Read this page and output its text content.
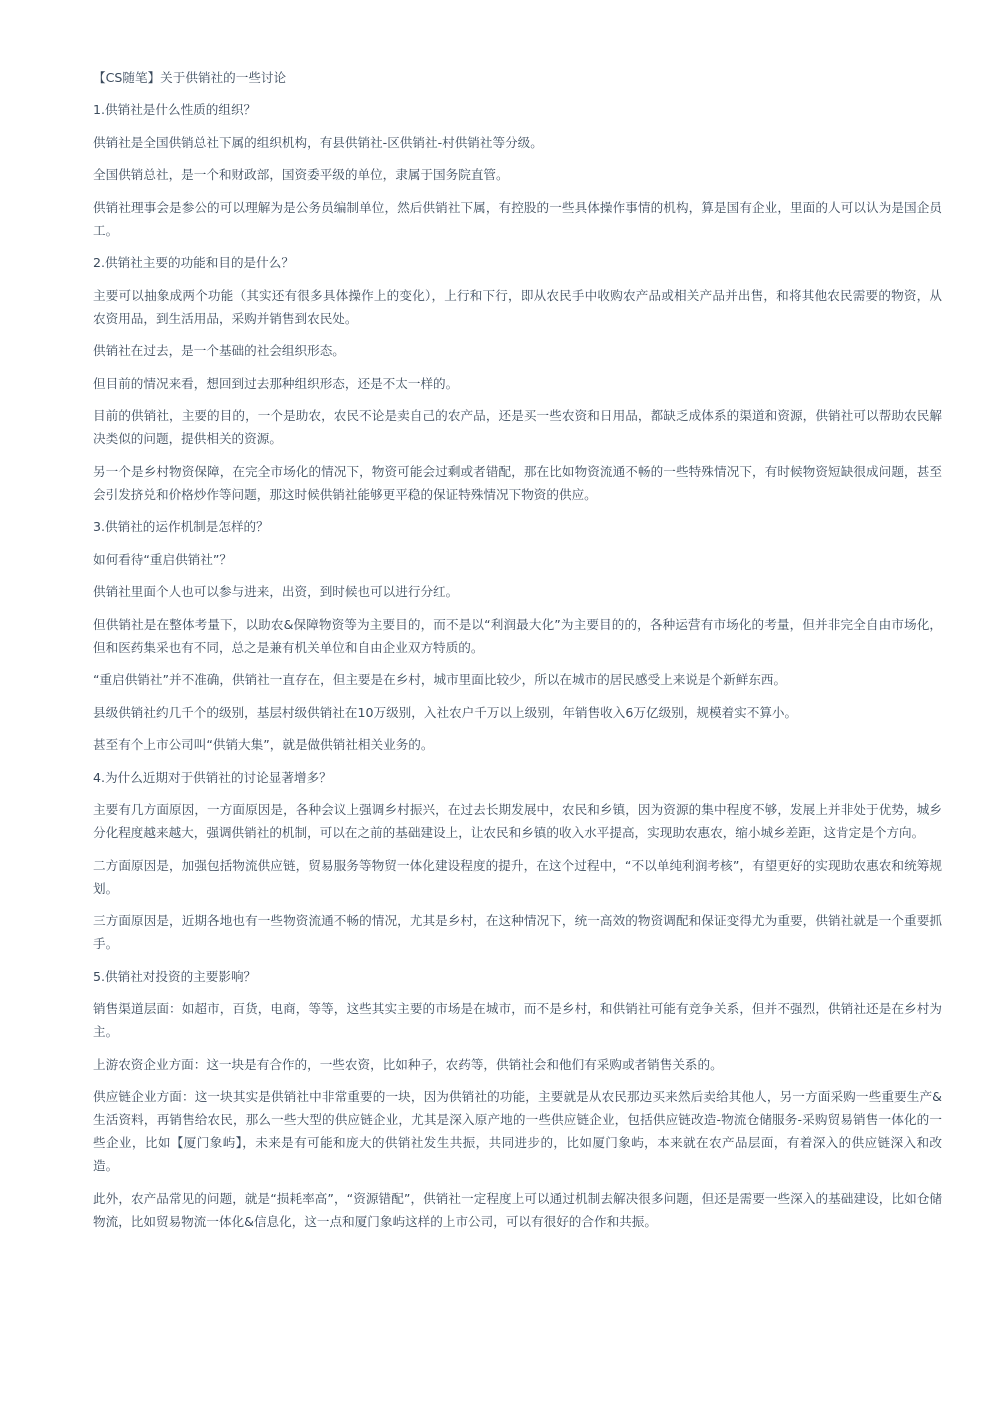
【CS随笔】关于供销社的一些讨论

1.供销社是什么性质的组织？

供销社是全国供销总社下属的组织机构，有县供销社-区供销社-村供销社等分级。

全国供销总社，是一个和财政部，国资委平级的单位，隶属于国务院直管。

供销社理事会是参公的可以理解为是公务员编制单位，然后供销社下属，有控股的一些具体操作事情的机构，算是国有企业，里面的人可以认为是国企员工。

2.供销社主要的功能和目的是什么？

主要可以抽象成两个功能（其实还有很多具体操作上的变化），上行和下行，即从农民手中收购农产品或相关产品并出售，和将其他农民需要的物资，从农资用品，到生活用品，采购并销售到农民处。

供销社在过去，是一个基础的社会组织形态。

但目前的情况来看，想回到过去那种组织形态，还是不太一样的。

目前的供销社，主要的目的，一个是助农，农民不论是卖自己的农产品，还是买一些农资和日用品，都缺乏成体系的渠道和资源，供销社可以帮助农民解决类似的问题，提供相关的资源。

另一个是乡村物资保障，在完全市场化的情况下，物资可能会过剩或者错配，那在比如物资流通不畅的一些特殊情况下，有时候物资短缺很成问题，甚至会引发挤兑和价格炒作等问题，那这时候供销社能够更平稳的保证特殊情况下物资的供应。

3.供销社的运作机制是怎样的？

如何看待“重启供销社”？

供销社里面个人也可以参与进来，出资，到时候也可以进行分红。

但供销社是在整体考量下，以助农&保障物资等为主要目的，而不是以“利润最大化”为主要目的的，各种运营有市场化的考量，但并非完全自由市场化，但和医药集采也有不同，总之是兼有机关单位和自由企业双方特质的。

“重启供销社”并不准确，供销社一直存在，但主要是在乡村，城市里面比较少，所以在城市的居民感受上来说是个新鲜东西。

县级供销社约几千个的级别，基层村级供销社在10万级别，入社农户千万以上级别，年销售收入6万亿级别，规模着实不算小。

甚至有个上市公司叫“供销大集”，就是做供销社相关业务的。

4.为什么近期对于供销社的讨论显著增多？

主要有几方面原因，一方面原因是，各种会议上强调乡村振兴，在过去长期发展中，农民和乡镇，因为资源的集中程度不够，发展上并非处于优势，城乡分化程度越来越大，强调供销社的机制，可以在之前的基础建设上，让农民和乡镇的收入水平提高，实现助农惠农，缩小城乡差距，这肯定是个方向。

二方面原因是，加强包括物流供应链，贸易服务等物贸一体化建设程度的提升，在这个过程中，“不以单纯利润考核”，有望更好的实现助农惠农和统筹规划。

三方面原因是，近期各地也有一些物资流通不畅的情况，尤其是乡村，在这种情况下，统一高效的物资调配和保证变得尤为重要，供销社就是一个重要抓手。

5.供销社对投资的主要影响？

销售渠道层面：如超市，百货，电商，等等，这些其实主要的市场是在城市，而不是乡村，和供销社可能有竞争关系，但并不强烈，供销社还是在乡村为主。

上游农资企业方面：这一块是有合作的，一些农资，比如种子，农药等，供销社会和他们有采购或者销售关系的。

供应链企业方面：这一块其实是供销社中非常重要的一块，因为供销社的功能，主要就是从农民那边买来然后卖给其他人，另一方面采购一些重要生产&生活资料，再销售给农民，那么一些大型的供应链企业，尤其是深入原产地的一些供应链企业，包括供应链改造-物流仓储服务-采购贸易销售一体化的一些企业，比如【厦门象屿】，未来是有可能和庞大的供销社发生共振，共同进步的，比如厦门象屿，本来就在农产品层面，有着深入的供应链深入和改造。

此外，农产品常见的问题，就是“损耗率高”，“资源错配”，供销社一定程度上可以通过机制去解决很多问题，但还是需要一些深入的基础建设，比如仓储物流，比如贸易物流一体化&信息化，这一点和厦门象屿这样的上市公司，可以有很好的合作和共振。
